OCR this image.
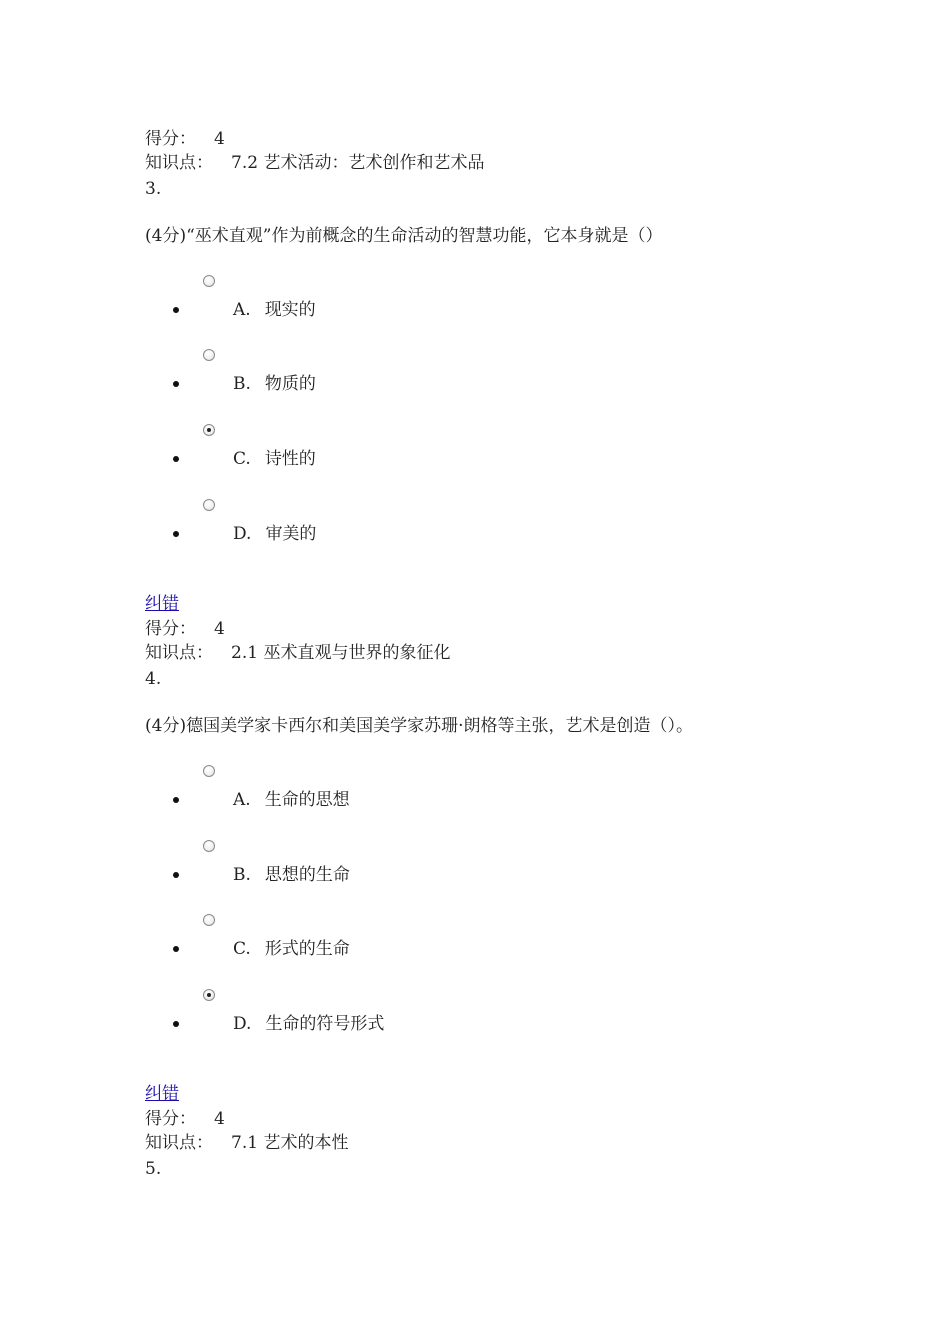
得分： 4
知识点： 7.2 艺术活动：艺术创作和艺术品
3.
(4分)“巫术直观”作为前概念的生命活动的智慧功能，它本身就是（）
A. 现实的
B. 物质的
C. 诗性的
D. 审美的
纠错
得分： 4
知识点： 2.1 巫术直观与世界的象征化
4.
(4分)德国美学家卡西尔和美国美学家苏珊·朗格等主张，艺术是创造（）。
A. 生命的思想
B. 思想的生命
C. 形式的生命
D. 生命的符号形式
纠错
得分： 4
知识点： 7.1 艺术的本性
5.
